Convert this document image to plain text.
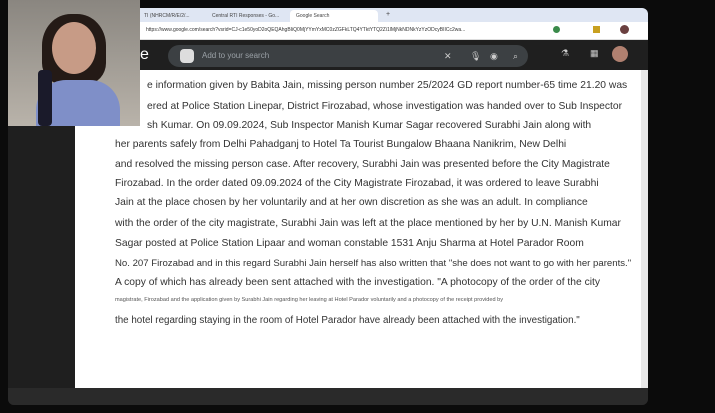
TI (NHRCM/R/E/2/...	Central RTI Responses - Go...	Google Search	+
https://www.google.com/search?vsrid=CJ-c1e50yoD2oQEQAhgBIiQ0MjYYmYxMC0zZGFkLTQ4YTktYTQ2Zi1lMjNkNDNkYzYzODcyBIICc2wa...
e	Add to your search	✕ 🎙 ◉ ⌕	⚗ ▦
e information given by Babita Jain, missing person number 25/2024 GD report number-65 time 21.20 was
ered at Police Station Linepar, District Firozabad, whose investigation was handed over to Sub Inspector
sh Kumar. On 09.09.2024, Sub Inspector Manish Kumar Sagar recovered Surabhi Jain along with
her parents safely from Delhi Pahadganj to Hotel Ta Tourist Bungalow Bhaana Nanikrim, New Delhi
and resolved the missing person case. After recovery, Surabhi Jain was presented before the City Magistrate
Firozabad. In the order dated 09.09.2024 of the City Magistrate Firozabad, it was ordered to leave Surabhi
Jain at the place chosen by her voluntarily and at her own discretion as she was an adult. In compliance
with the order of the city magistrate, Surabhi Jain was left at the place mentioned by her by U.N. Manish Kumar
Sagar posted at Police Station Lipaar and woman constable 1531 Anju Sharma at Hotel Parador Room
No. 207 Firozabad and in this regard Surabhi Jain herself has also written that "she does not want to go with her parents."
A copy of which has already been sent attached with the investigation. "A photocopy of the order of the city
magistrate, Firozabad and the application given by Surabhi Jain regarding her leaving at Hotel Parador voluntarily and a photocopy of the receipt provided by
the hotel regarding staying in the room of Hotel Parador have already been attached with the investigation."
